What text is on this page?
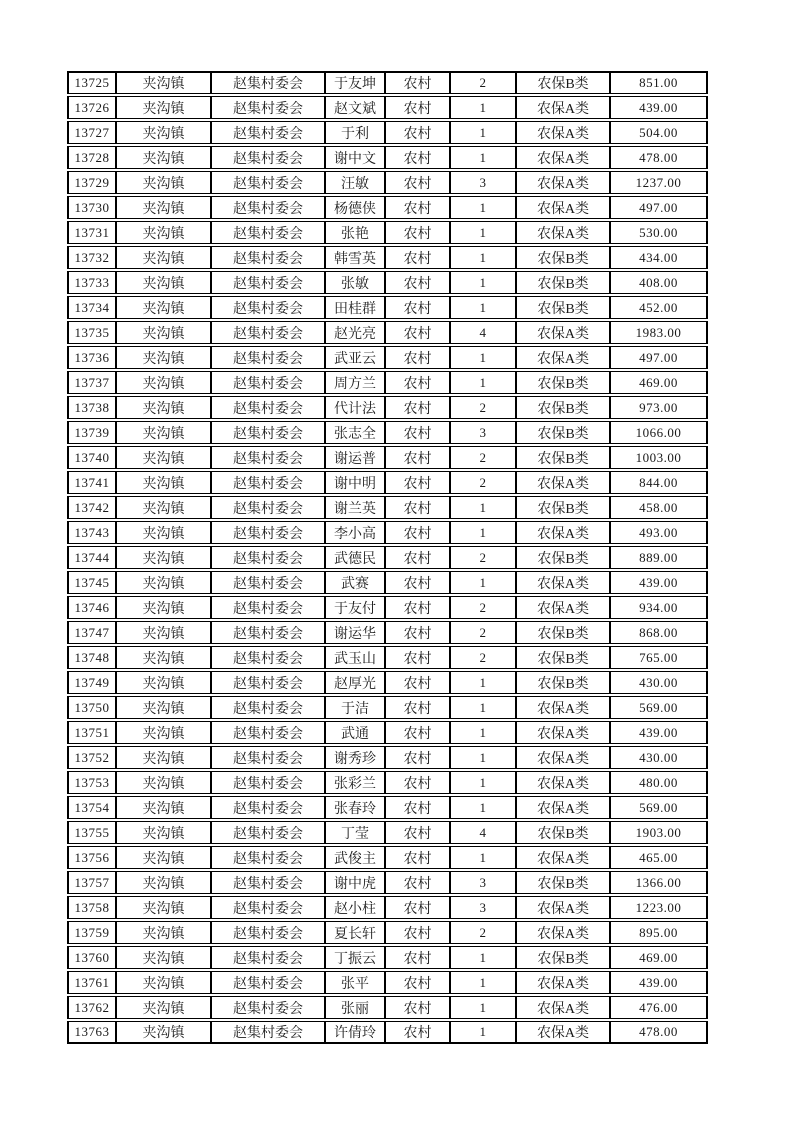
13725	夹沟镇	赵集村委会	于友坤	农村	2	农保B类	851.00
13726	夹沟镇	赵集村委会	赵文斌	农村	1	农保A类	439.00
13727	夹沟镇	赵集村委会	于利	农村	1	农保A类	504.00
13728	夹沟镇	赵集村委会	谢中文	农村	1	农保A类	478.00
13729	夹沟镇	赵集村委会	汪敏	农村	3	农保A类	1237.00
13730	夹沟镇	赵集村委会	杨德侠	农村	1	农保A类	497.00
13731	夹沟镇	赵集村委会	张艳	农村	1	农保A类	530.00
13732	夹沟镇	赵集村委会	韩雪英	农村	1	农保B类	434.00
13733	夹沟镇	赵集村委会	张敏	农村	1	农保B类	408.00
13734	夹沟镇	赵集村委会	田桂群	农村	1	农保B类	452.00
13735	夹沟镇	赵集村委会	赵光亮	农村	4	农保A类	1983.00
13736	夹沟镇	赵集村委会	武亚云	农村	1	农保A类	497.00
13737	夹沟镇	赵集村委会	周方兰	农村	1	农保B类	469.00
13738	夹沟镇	赵集村委会	代计法	农村	2	农保B类	973.00
13739	夹沟镇	赵集村委会	张志全	农村	3	农保B类	1066.00
13740	夹沟镇	赵集村委会	谢运普	农村	2	农保B类	1003.00
13741	夹沟镇	赵集村委会	谢中明	农村	2	农保A类	844.00
13742	夹沟镇	赵集村委会	谢兰英	农村	1	农保B类	458.00
13743	夹沟镇	赵集村委会	李小高	农村	1	农保A类	493.00
13744	夹沟镇	赵集村委会	武德民	农村	2	农保B类	889.00
13745	夹沟镇	赵集村委会	武赛	农村	1	农保A类	439.00
13746	夹沟镇	赵集村委会	于友付	农村	2	农保A类	934.00
13747	夹沟镇	赵集村委会	谢运华	农村	2	农保B类	868.00
13748	夹沟镇	赵集村委会	武玉山	农村	2	农保B类	765.00
13749	夹沟镇	赵集村委会	赵厚光	农村	1	农保B类	430.00
13750	夹沟镇	赵集村委会	于洁	农村	1	农保A类	569.00
13751	夹沟镇	赵集村委会	武通	农村	1	农保A类	439.00
13752	夹沟镇	赵集村委会	谢秀珍	农村	1	农保A类	430.00
13753	夹沟镇	赵集村委会	张彩兰	农村	1	农保A类	480.00
13754	夹沟镇	赵集村委会	张春玲	农村	1	农保A类	569.00
13755	夹沟镇	赵集村委会	丁莹	农村	4	农保B类	1903.00
13756	夹沟镇	赵集村委会	武俊主	农村	1	农保A类	465.00
13757	夹沟镇	赵集村委会	谢中虎	农村	3	农保B类	1366.00
13758	夹沟镇	赵集村委会	赵小柱	农村	3	农保A类	1223.00
13759	夹沟镇	赵集村委会	夏长轩	农村	2	农保A类	895.00
13760	夹沟镇	赵集村委会	丁振云	农村	1	农保B类	469.00
13761	夹沟镇	赵集村委会	张平	农村	1	农保A类	439.00
13762	夹沟镇	赵集村委会	张丽	农村	1	农保A类	476.00
13763	夹沟镇	赵集村委会	许倩玲	农村	1	农保A类	478.00
